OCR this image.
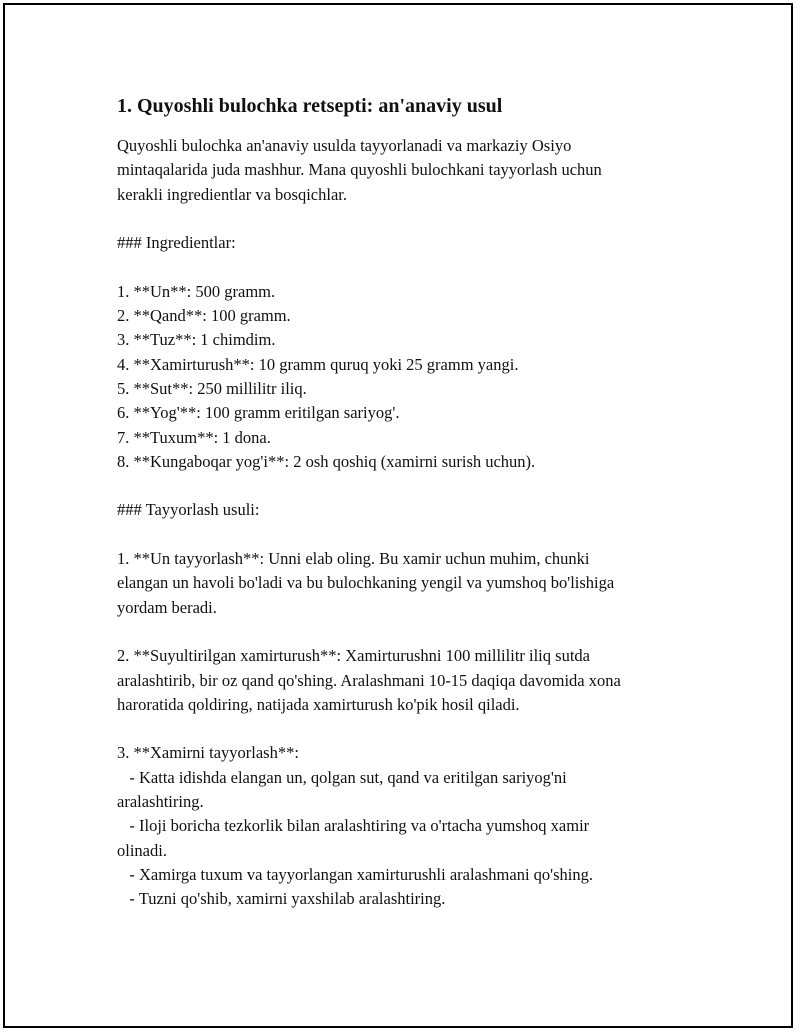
1. Quyoshli bulochka retsepti: an'anaviy usul

Quyoshli bulochka an'anaviy usulda tayyorlanadi va markaziy Osiyo
mintaqalarida juda mashhur. Mana quyoshli bulochkani tayyorlash uchun
kerakli ingredientlar va bosqichlar.

### Ingredientlar:

1. **Un**: 500 gramm.

2. **Qand**: 100 gramm.

3. **Tuz**: 1 chimdim.

4. **Xamirturush**: 10 gramm quruq yoki 25 gramm yangi.

5. **Sut**: 250 millilitr iliq.

6. **Yog'**: 100 gramm eritilgan sariyog'.

7. **Tuxum**: 1 dona.

8. **Kungaboqar yog'i**: 2 osh qoshiq (xamirni surish uchun).

### Tayyorlash usuli:

1. **Un tayyorlash**: Unni elab oling. Bu xamir uchun muhim, chunki
elangan un havoli bo'ladi va bu bulochkaning yengil va yumshoq bo'lishiga
yordam beradi.

2. **Suyultirilgan xamirturush**: Xamirturushni 100 millilitr iliq sutda
aralashtirib, bir oz qand qo'shing. Aralashmani 10-15 daqiqa davomida xona
haroratida qoldiring, natijada xamirturush ko'pik hosil qiladi.

3. **Xamirni tayyorlash**:
- Katta idishda elangan un, qolgan sut, qand va eritilgan sariyog'ni
aralashtiring.
- Iloji boricha tezkorlik bilan aralashtiring va o'rtacha yumshoq xamir
olinadi.
- Xamirga tuxum va tayyorlangan xamirturushli aralashmani qo'shing.
- Tuzni qo'shib, xamirni yaxshilab aralashtiring.
